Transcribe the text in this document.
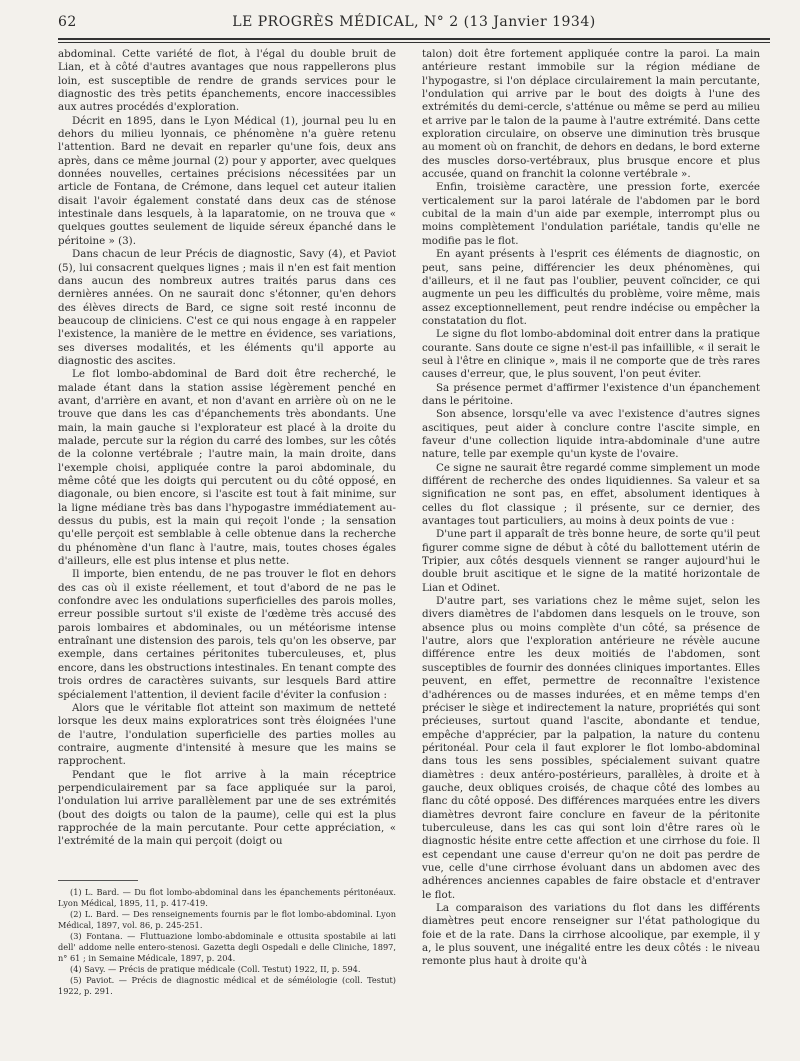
62	LE PROGRÈS MÉDICAL, N° 2 (13 Janvier 1934)

abdominal. Cette variété de flot, à l'égal du double bruit de Lian, et à côté d'autres avantages que nous rappellerons plus loin, est susceptible de rendre de grands services pour le diagnostic des très petits épanchements, encore inaccessibles aux autres procédés d'exploration.

Décrit en 1895, dans le Lyon Médical (1), journal peu lu en dehors du milieu lyonnais, ce phénomène n'a guère retenu l'attention. Bard ne devait en reparler qu'une fois, deux ans après, dans ce même journal (2) pour y apporter, avec quelques données nouvelles, certaines précisions nécessitées par un article de Fontana, de Crémone, dans lequel cet auteur italien disait l'avoir également constaté dans deux cas de sténose intestinale dans lesquels, à la laparatomie, on ne trouva que « quelques gouttes seulement de liquide séreux épanché dans le péritoine » (3).

Dans chacun de leur Précis de diagnostic, Savy (4), et Paviot (5), lui consacrent quelques lignes ; mais il n'en est fait mention dans aucun des nombreux autres traités parus dans ces dernières années. On ne saurait donc s'étonner, qu'en dehors des élèves directs de Bard, ce signe soit resté inconnu de beaucoup de cliniciens. C'est ce qui nous engage à en rappeler l'existence, la manière de le mettre en évidence, ses variations, ses diverses modalités, et les éléments qu'il apporte au diagnostic des ascites.

Le flot lombo-abdominal de Bard doit être recherché, le malade étant dans la station assise légèrement penché en avant, d'arrière en avant, et non d'avant en arrière où on ne le trouve que dans les cas d'épanchements très abondants. Une main, la main gauche si l'explorateur est placé à la droite du malade, percute sur la région du carré des lombes, sur les côtés de la colonne vertébrale ; l'autre main, la main droite, dans l'exemple choisi, appliquée contre la paroi abdominale, du même côté que les doigts qui percutent ou du côté opposé, en diagonale, ou bien encore, si l'ascite est tout à fait minime, sur la ligne médiane très bas dans l'hypogastre immédiatement au-dessus du pubis, est la main qui reçoit l'onde ; la sensation qu'elle perçoit est semblable à celle obtenue dans la recherche du phénomène d'un flanc à l'autre, mais, toutes choses égales d'ailleurs, elle est plus intense et plus nette.

Il importe, bien entendu, de ne pas trouver le flot en dehors des cas où il existe réellement, et tout d'abord de ne pas le confondre avec les ondulations superficielles des parois molles, erreur possible surtout s'il existe de l'œdème très accusé des parois lombaires et abdominales, ou un météorisme intense entraînant une distension des parois, tels qu'on les observe, par exemple, dans certaines péritonites tuberculeuses, et, plus encore, dans les obstructions intestinales. En tenant compte des trois ordres de caractères suivants, sur lesquels Bard attire spécialement l'attention, il devient facile d'éviter la confusion :

Alors que le véritable flot atteint son maximum de netteté lorsque les deux mains exploratrices sont très éloignées l'une de l'autre, l'ondulation superficielle des parties molles au contraire, augmente d'intensité à mesure que les mains se rapprochent.

Pendant que le flot arrive à la main réceptrice perpendiculairement par sa face appliquée sur la paroi, l'ondulation lui arrive parallèlement par une de ses extrémités (bout des doigts ou talon de la paume), celle qui est la plus rapprochée de la main percutante. Pour cette appréciation, « l'extrémité de la main qui perçoit (doigt ou

(1) L. Bard. — Du flot lombo-abdominal dans les épanchements péritonéaux. Lyon Médical, 1895, 11, p. 417-419.

(2) L. Bard. — Des renseignements fournis par le flot lombo-abdominal. Lyon Médical, 1897, vol. 86, p. 245-251.

(3) Fontana. — Fluttuazione lombo-abdominale e ottusita spostabile ai lati dell' addome nelle entero-stenosi. Gazetta degli Ospedali e delle Cliniche, 1897, n° 61 ; in Semaine Médicale, 1897, p. 204.

(4) Savy. — Précis de pratique médicale (Coll. Testut) 1922, II, p. 594.

(5) Paviot. — Précis de diagnostic médical et de séméiologie (coll. Testut) 1922, p. 291.

talon) doit être fortement appliquée contre la paroi. La main antérieure restant immobile sur la région médiane de l'hypogastre, si l'on déplace circulairement la main percutante, l'ondulation qui arrive par le bout des doigts à l'une des extrémités du demi-cercle, s'atténue ou même se perd au milieu et arrive par le talon de la paume à l'autre extrémité. Dans cette exploration circulaire, on observe une diminution très brusque au moment où on franchit, de dehors en dedans, le bord externe des muscles dorso-vertébraux, plus brusque encore et plus accusée, quand on franchit la colonne vertébrale ».

Enfin, troisième caractère, une pression forte, exercée verticalement sur la paroi latérale de l'abdomen par le bord cubital de la main d'un aide par exemple, interrompt plus ou moins complètement l'ondulation pariétale, tandis qu'elle ne modifie pas le flot.

En ayant présents à l'esprit ces éléments de diagnostic, on peut, sans peine, différencier les deux phénomènes, qui d'ailleurs, et il ne faut pas l'oublier, peuvent coïncider, ce qui augmente un peu les difficultés du problème, voire même, mais assez exceptionnellement, peut rendre indécise ou empêcher la constatation du flot.

Le signe du flot lombo-abdominal doit entrer dans la pratique courante. Sans doute ce signe n'est-il pas infaillible, « il serait le seul à l'être en clinique », mais il ne comporte que de très rares causes d'erreur, que, le plus souvent, l'on peut éviter.

Sa présence permet d'affirmer l'existence d'un épanchement dans le péritoine.

Son absence, lorsqu'elle va avec l'existence d'autres signes ascitiques, peut aider à conclure contre l'ascite simple, en faveur d'une collection liquide intra-abdominale d'une autre nature, telle par exemple qu'un kyste de l'ovaire.

Ce signe ne saurait être regardé comme simplement un mode différent de recherche des ondes liquidiennes. Sa valeur et sa signification ne sont pas, en effet, absolument identiques à celles du flot classique ; il présente, sur ce dernier, des avantages tout particuliers, au moins à deux points de vue :

D'une part il apparaît de très bonne heure, de sorte qu'il peut figurer comme signe de début à côté du ballottement utérin de Tripier, aux côtés desquels viennent se ranger aujourd'hui le double bruit ascitique et le signe de la matité horizontale de Lian et Odinet.

D'autre part, ses variations chez le même sujet, selon les divers diamètres de l'abdomen dans lesquels on le trouve, son absence plus ou moins complète d'un côté, sa présence de l'autre, alors que l'exploration antérieure ne révèle aucune différence entre les deux moitiés de l'abdomen, sont susceptibles de fournir des données cliniques importantes. Elles peuvent, en effet, permettre de reconnaître l'existence d'adhérences ou de masses indurées, et en même temps d'en préciser le siège et indirectement la nature, propriétés qui sont précieuses, surtout quand l'ascite, abondante et tendue, empêche d'apprécier, par la palpation, la nature du contenu péritonéal. Pour cela il faut explorer le flot lombo-abdominal dans tous les sens possibles, spécialement suivant quatre diamètres : deux antéro-postérieurs, parallèles, à droite et à gauche, deux obliques croisés, de chaque côté des lombes au flanc du côté opposé. Des différences marquées entre les divers diamètres devront faire conclure en faveur de la péritonite tuberculeuse, dans les cas qui sont loin d'être rares où le diagnostic hésite entre cette affection et une cirrhose du foie. Il est cependant une cause d'erreur qu'on ne doit pas perdre de vue, celle d'une cirrhose évoluant dans un abdomen avec des adhérences anciennes capables de faire obstacle et d'entraver le flot.

La comparaison des variations du flot dans les différents diamètres peut encore renseigner sur l'état pathologique du foie et de la rate. Dans la cirrhose alcoolique, par exemple, il y a, le plus souvent, une inégalité entre les deux côtés : le niveau remonte plus haut à droite qu'à
